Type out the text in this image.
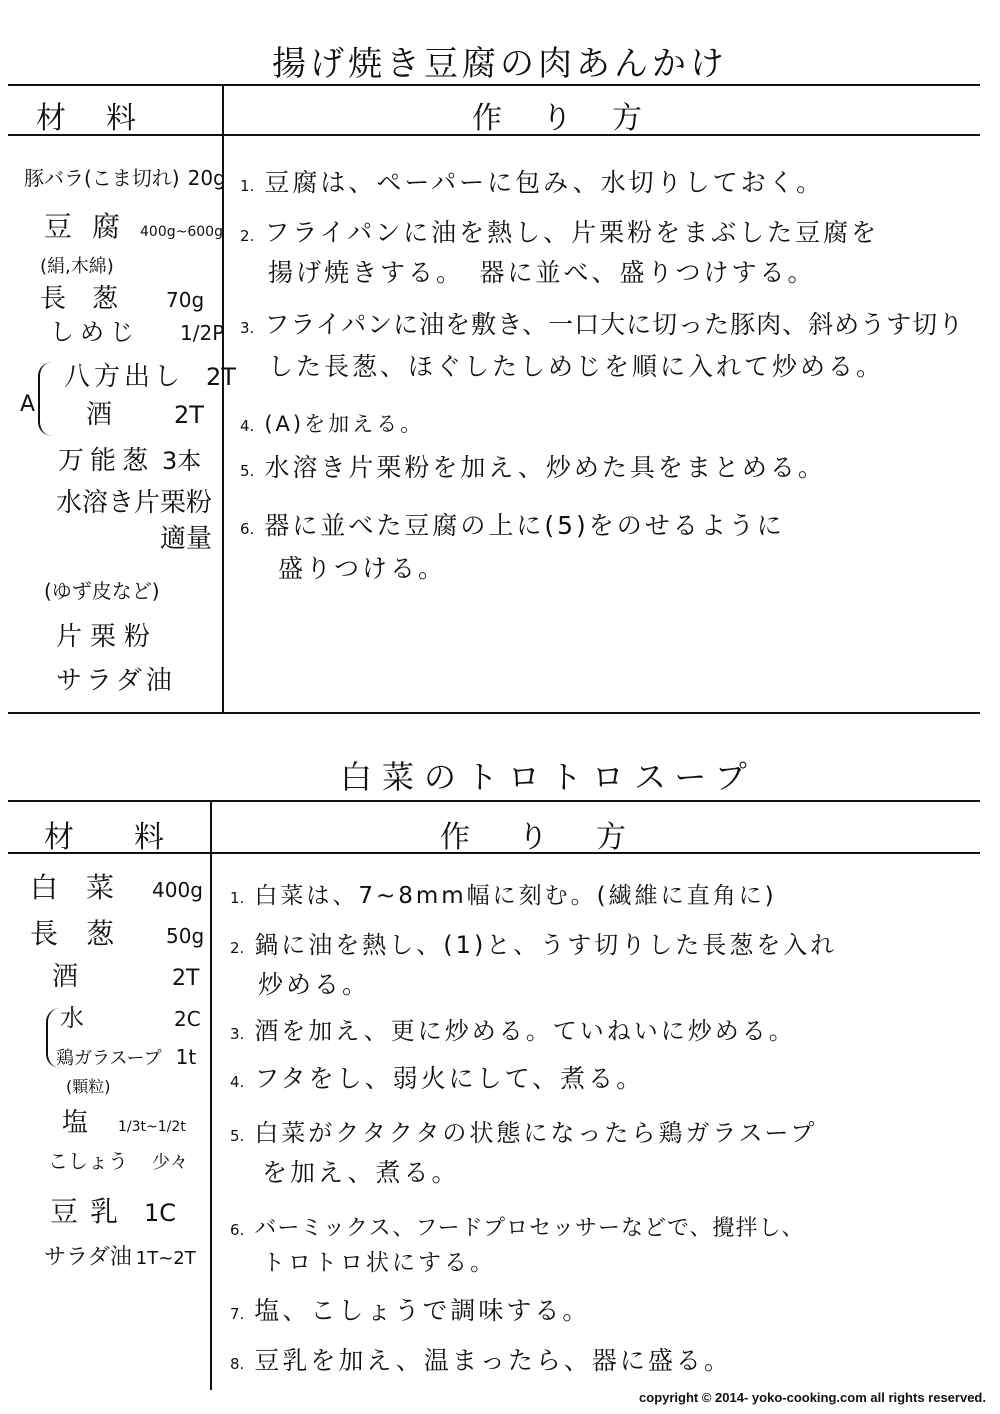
揚げ焼き豆腐の肉あんかけ
材料	作り方
豚バラ(こま切れ) 20g
豆腐400g~600g
(絹,木綿)
長葱 70g
しめじ 1/2P
A
八方出し 2T
酒	2T
万能葱 3本
水溶き片栗粉
適量
(ゆず皮など)
片栗粉
サラダ油
1. 豆腐は、ペーパーに包み、水切りしておく。
2. フライパンに油を熱し、片栗粉をまぶした豆腐を
揚げ焼きする。　器に並べ、盛りつけする。
3. フライパンに油を敷き、一口大に切った豚肉、斜めうす切り
した長葱、ほぐしたしめじを順に入れて炒める。
4. (A)を加える。
5. 水溶き片栗粉を加え、炒めた具をまとめる。
6. 器に並べた豆腐の上に(5)をのせるように
盛りつける。
白菜のトロトロスープ
材料	作り方
白菜 400g
長葱 50g
酒	2T
水	2C
鶏ガラスープ 1t
(顆粒)
塩 1/3t~1/2t
こしょう 少々
豆乳 1C
サラダ油 1T~2T
1. 白菜は、7~8mm幅に刻む。(繊維に直角に)
2. 鍋に油を熱し、(1)と、うす切りした長葱を入れ
炒める。
3. 酒を加え、更に炒める。ていねいに炒める。
4. フタをし、弱火にして、煮る。
5. 白菜がクタクタの状態になったら鶏ガラスープ
を加え、煮る。
6. バーミックス、フードプロセッサーなどで、攪拌し、
トロトロ状にする。
7. 塩、こしょうで調味する。
8. 豆乳を加え、温まったら、器に盛る。
copyright © 2014- yoko-cooking.com all rights reserved.
